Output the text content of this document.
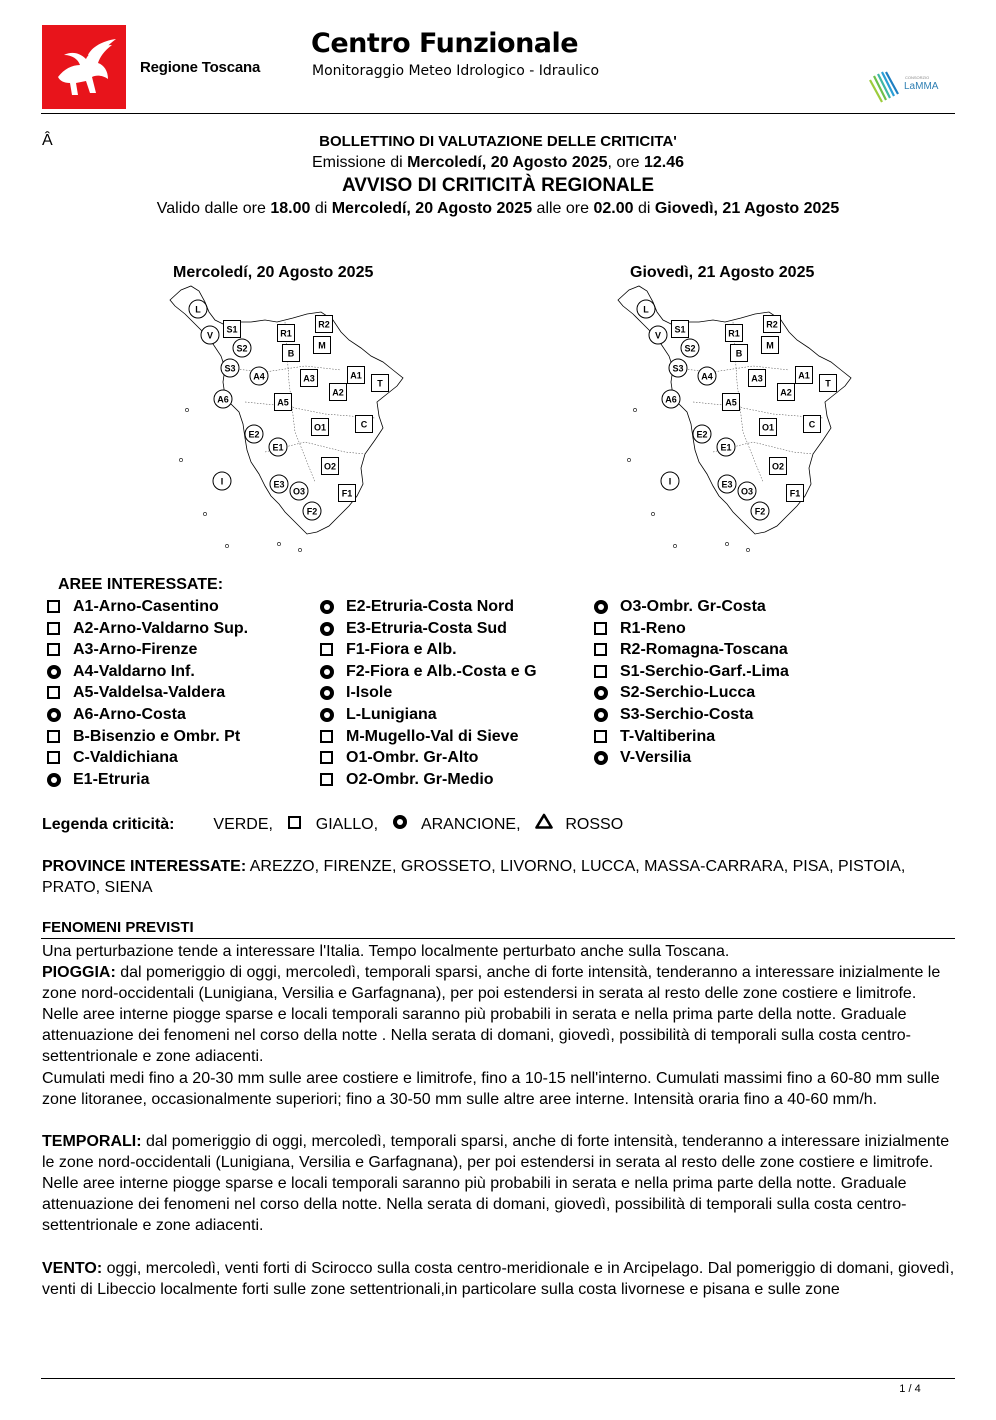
Regione Toscana
Centro Funzionale
Monitoraggio Meteo Idrologico - Idraulico	CONSORZIO
LaMMA
Â	BOLLETTINO DI VALUTAZIONE DELLE CRITICITA'
Emissione di Mercoledí, 20 Agosto 2025, ore 12.46
AVVISO DI CRITICITÀ REGIONALE
Valido dalle ore 18.00 di Mercoledí, 20 Agosto 2025 alle ore 02.00 di Giovedì, 21 Agosto 2025
Mercoledí, 20 Agosto 2025	Giovedì, 21 Agosto 2025
L
V
S1
S2
S3
R1
R2
B
M
A4	A3	A1
T
A2
A6	A5
O1	C
E2
E1
O2
I	E3
O3	F1
F2
L
V
S1
S2
S3
R1
R2
B
M
A4	A3	A1
T
A2
A6	A5
O1	C
E2
E1
O2
I	E3
O3	F1
F2
AREE INTERESSATE:
A1-Arno-Casentino
A2-Arno-Valdarno Sup.
A3-Arno-Firenze
A4-Valdarno Inf.
A5-Valdelsa-Valdera
A6-Arno-Costa
B-Bisenzio e Ombr. Pt
C-Valdichiana
E1-Etruria
E2-Etruria-Costa Nord
E3-Etruria-Costa Sud
F1-Fiora e Alb.
F2-Fiora e Alb.-Costa e G
I-Isole
L-Lunigiana
M-Mugello-Val di Sieve
O1-Ombr. Gr-Alto
O2-Ombr. Gr-Medio
O3-Ombr. Gr-Costa
R1-Reno
R2-Romagna-Toscana
S1-Serchio-Garf.-Lima
S2-Serchio-Lucca
S3-Serchio-Costa
T-Valtiberina
V-Versilia
Legenda criticità: VERDE,	GIALLO,	ARANCIONE,	ROSSO
PROVINCE INTERESSATE: AREZZO, FIRENZE, GROSSETO, LIVORNO, LUCCA, MASSA-CARRARA, PISA, PISTOIA, PRATO, SIENA
FENOMENI PREVISTI
Una perturbazione tende a interessare l'Italia. Tempo localmente perturbato anche sulla Toscana.
PIOGGIA: dal pomeriggio di oggi, mercoledì, temporali sparsi, anche di forte intensità, tenderanno a interessare inizialmente le zone nord-occidentali (Lunigiana, Versilia e Garfagnana), per poi estendersi in serata al resto delle zone costiere e limitrofe. Nelle aree interne piogge sparse e locali temporali saranno più probabili in serata e nella prima parte della notte. Graduale attenuazione dei fenomeni nel corso della notte . Nella serata di domani, giovedì, possibilità di temporali sulla costa centro-settentrionale e zone adiacenti.
Cumulati medi fino a 20-30 mm sulle aree costiere e limitrofe, fino a 10-15 nell'interno. Cumulati massimi fino a 60-80 mm sulle zone litoranee, occasionalmente superiori; fino a 30-50 mm sulle altre aree interne. Intensità oraria fino a 40-60 mm/h.
TEMPORALI: dal pomeriggio di oggi, mercoledì, temporali sparsi, anche di forte intensità, tenderanno a interessare inizialmente le zone nord-occidentali (Lunigiana, Versilia e Garfagnana), per poi estendersi in serata al resto delle zone costiere e limitrofe. Nelle aree interne piogge sparse e locali temporali saranno più probabili in serata e nella prima parte della notte. Graduale attenuazione dei fenomeni nel corso della notte. Nella serata di domani, giovedì, possibilità di temporali sulla costa centro-settentrionale e zone adiacenti.
VENTO: oggi, mercoledì, venti forti di Scirocco sulla costa centro-meridionale e in Arcipelago. Dal pomeriggio di domani, giovedì, venti di Libeccio localmente forti sulle zone settentrionali,in particolare sulla costa livornese e pisana e sulle zone
1 / 4
